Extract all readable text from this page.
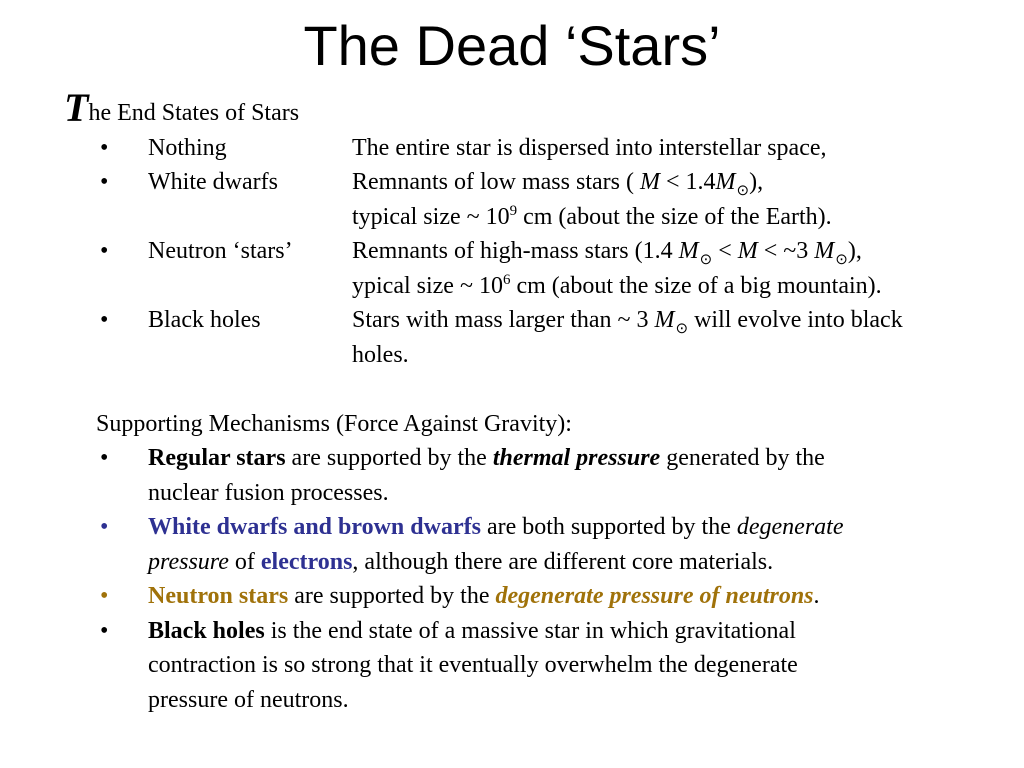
The Dead ‘Stars’
The End States of Stars
• Nothing	The entire star is dispersed into interstellar space,
• White dwarfs	Remnants of low mass stars ( $M < 1.4M_⊙$),
typical size ~ $10^9$ cm (about the size of the Earth).
• Neutron ‘stars’ Remnants of high-mass stars (1.4 $M_⊙ < M$ < ~3 $M_⊙$),
ypical size ~ $10^6$ cm (about the size of a big mountain).
• Black holes	Stars with mass larger than ~ 3 $M_⊙$ will evolve into black
holes.
Supporting Mechanisms (Force Against Gravity):
• Regular stars are supported by the thermal pressure generated by the
nuclear fusion processes.
• White dwarfs and brown dwarfs are both supported by the degenerate
pressure of electrons, although there are different core materials.
• Neutron stars are supported by the degenerate pressure of neutrons.
• Black holes is the end state of a massive star in which gravitational
contraction is so strong that it eventually overwhelm the degenerate
pressure of neutrons.
